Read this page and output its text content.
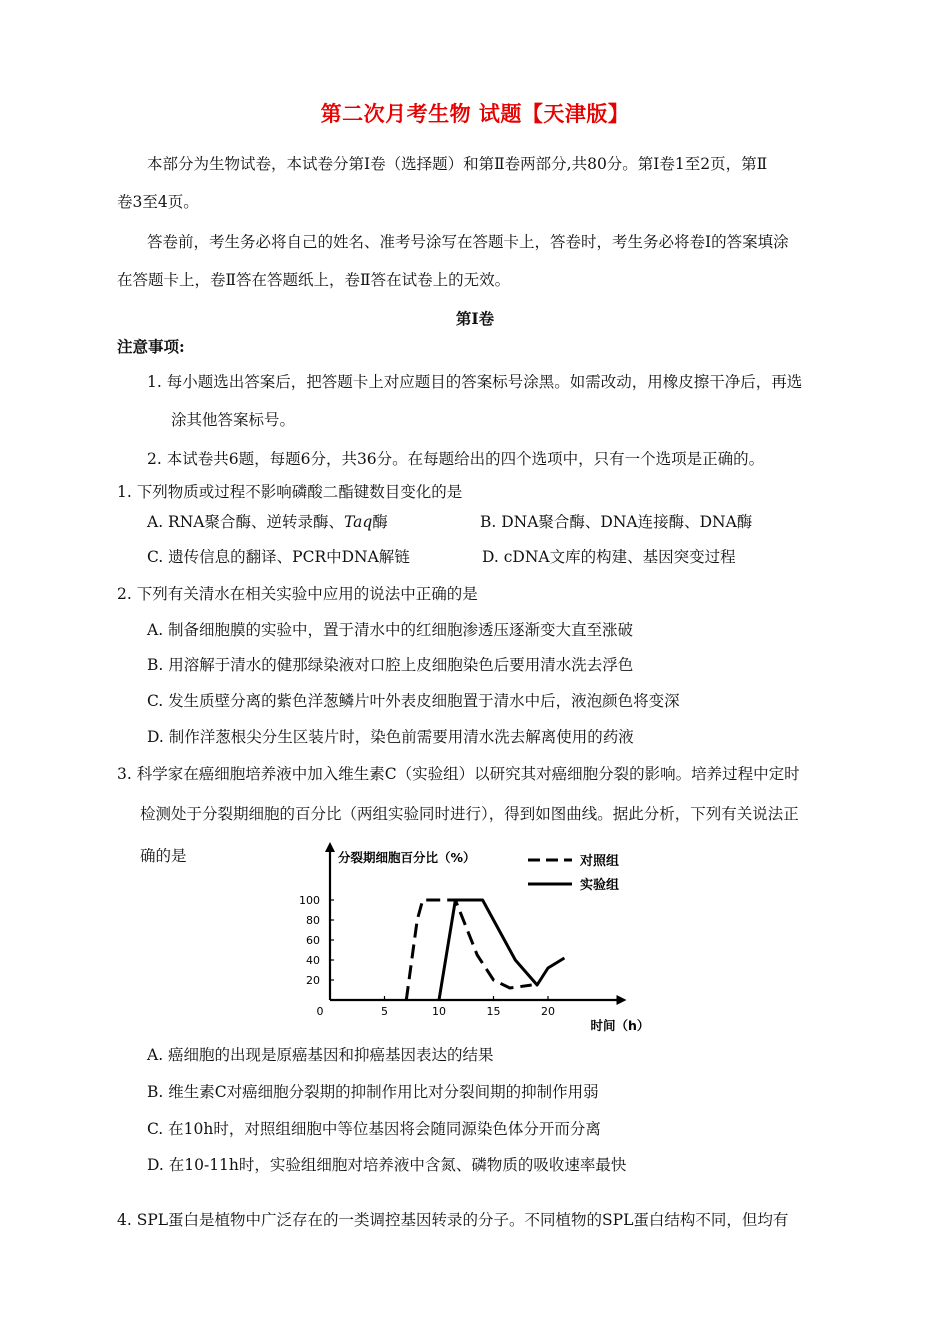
第二次月考生物 试题【天津版】
本部分为生物试卷，本试卷分第Ⅰ卷（选择题）和第Ⅱ卷两部分,共80分。第Ⅰ卷1至2页，第Ⅱ
卷3至4页。
答卷前，考生务必将自己的姓名、准考号涂写在答题卡上，答卷时，考生务必将卷Ⅰ的答案填涂
在答题卡上，卷Ⅱ答在答题纸上，卷Ⅱ答在试卷上的无效。
第Ⅰ卷
注意事项:
1. 每小题选出答案后，把答题卡上对应题目的答案标号涂黑。如需改动，用橡皮擦干净后，再选
涂其他答案标号。
2. 本试卷共6题，每题6分，共36分。在每题给出的四个选项中，只有一个选项是正确的。
1. 下列物质或过程不影响磷酸二酯键数目变化的是
A. RNA聚合酶、逆转录酶、Taq酶	B. DNA聚合酶、DNA连接酶、DNA酶
C. 遗传信息的翻译、PCR中DNA解链	D. cDNA文库的构建、基因突变过程
2. 下列有关清水在相关实验中应用的说法中正确的是
A. 制备细胞膜的实验中，置于清水中的红细胞渗透压逐渐变大直至涨破
B. 用溶解于清水的健那绿染液对口腔上皮细胞染色后要用清水洗去浮色
C. 发生质壁分离的紫色洋葱鳞片叶外表皮细胞置于清水中后，液泡颜色将变深
D. 制作洋葱根尖分生区装片时，染色前需要用清水洗去解离使用的药液
3. 科学家在癌细胞培养液中加入维生素C（实验组）以研究其对癌细胞分裂的影响。培养过程中定时
检测处于分裂期细胞的百分比（两组实验同时进行），得到如图曲线。据此分析，下列有关说法正
确的是
0	5	10	15	20
20
40
60
80
100
分裂期细胞百分比（%）
时间（h）
对照组
实验组
A. 癌细胞的出现是原癌基因和抑癌基因表达的结果
B. 维生素C对癌细胞分裂期的抑制作用比对分裂间期的抑制作用弱
C. 在10h时，对照组细胞中等位基因将会随同源染色体分开而分离
D. 在10-11h时，实验组细胞对培养液中含氮、磷物质的吸收速率最快
4. SPL蛋白是植物中广泛存在的一类调控基因转录的分子。不同植物的SPL蛋白结构不同，但均有
